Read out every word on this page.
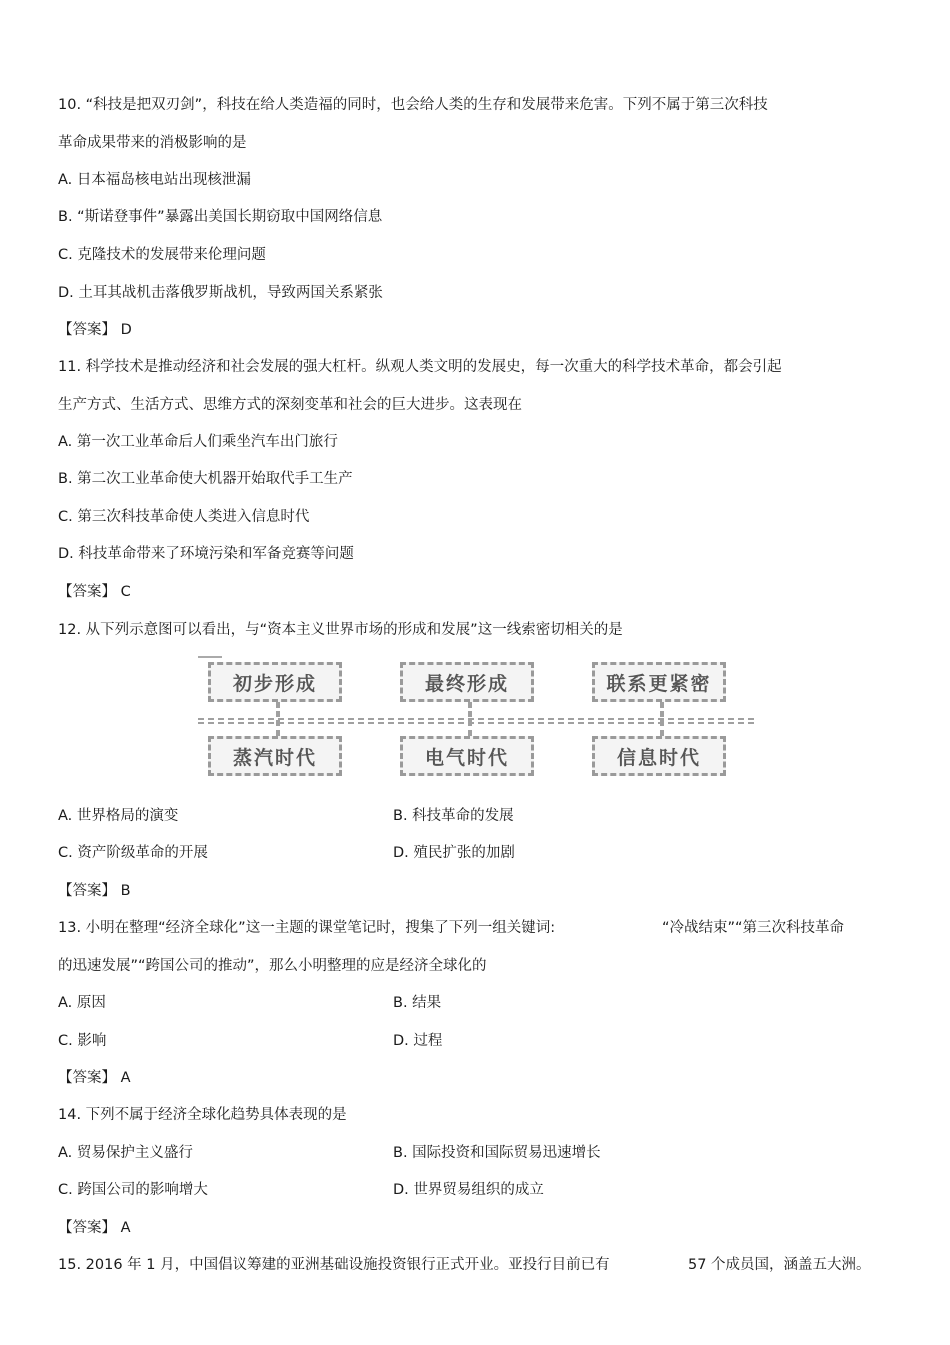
10. “科技是把双刃剑”，科技在给人类造福的同时，也会给人类的生存和发展带来危害。下列不属于第三次科技
革命成果带来的消极影响的是
A. 日本福岛核电站出现核泄漏
B. “斯诺登事件”暴露出美国长期窃取中国网络信息
C. 克隆技术的发展带来伦理问题
D. 土耳其战机击落俄罗斯战机，导致两国关系紧张
【答案】 D
11. 科学技术是推动经济和社会发展的强大杠杆。纵观人类文明的发展史，每一次重大的科学技术革命，都会引起
生产方式、生活方式、思维方式的深刻变革和社会的巨大进步。这表现在
A. 第一次工业革命后人们乘坐汽车出门旅行
B. 第二次工业革命使大机器开始取代手工生产
C. 第三次科技革命使人类进入信息时代
D. 科技革命带来了环境污染和军备竞赛等问题
【答案】 C
12. 从下列示意图可以看出，与“资本主义世界市场的形成和发展”这一线索密切相关的是
初步形成	最终形成	联系更紧密
蒸汽时代	电气时代	信息时代
A. 世界格局的演变	B. 科技革命的发展
C. 资产阶级革命的开展	D. 殖民扩张的加剧
【答案】 B
13. 小明在整理“经济全球化”这一主题的课堂笔记时，搜集了下列一组关键词:	“冷战结束”“第三次科技革命
的迅速发展”“跨国公司的推动”，那么小明整理的应是经济全球化的
A. 原因	B. 结果
C. 影响	D. 过程
【答案】 A
14. 下列不属于经济全球化趋势具体表现的是
A. 贸易保护主义盛行	B. 国际投资和国际贸易迅速增长
C. 跨国公司的影响增大	D. 世界贸易组织的成立
【答案】 A
15. 2016 年 1 月，中国倡议筹建的亚洲基础设施投资银行正式开业。亚投行目前已有	57 个成员国，涵盖五大洲。
